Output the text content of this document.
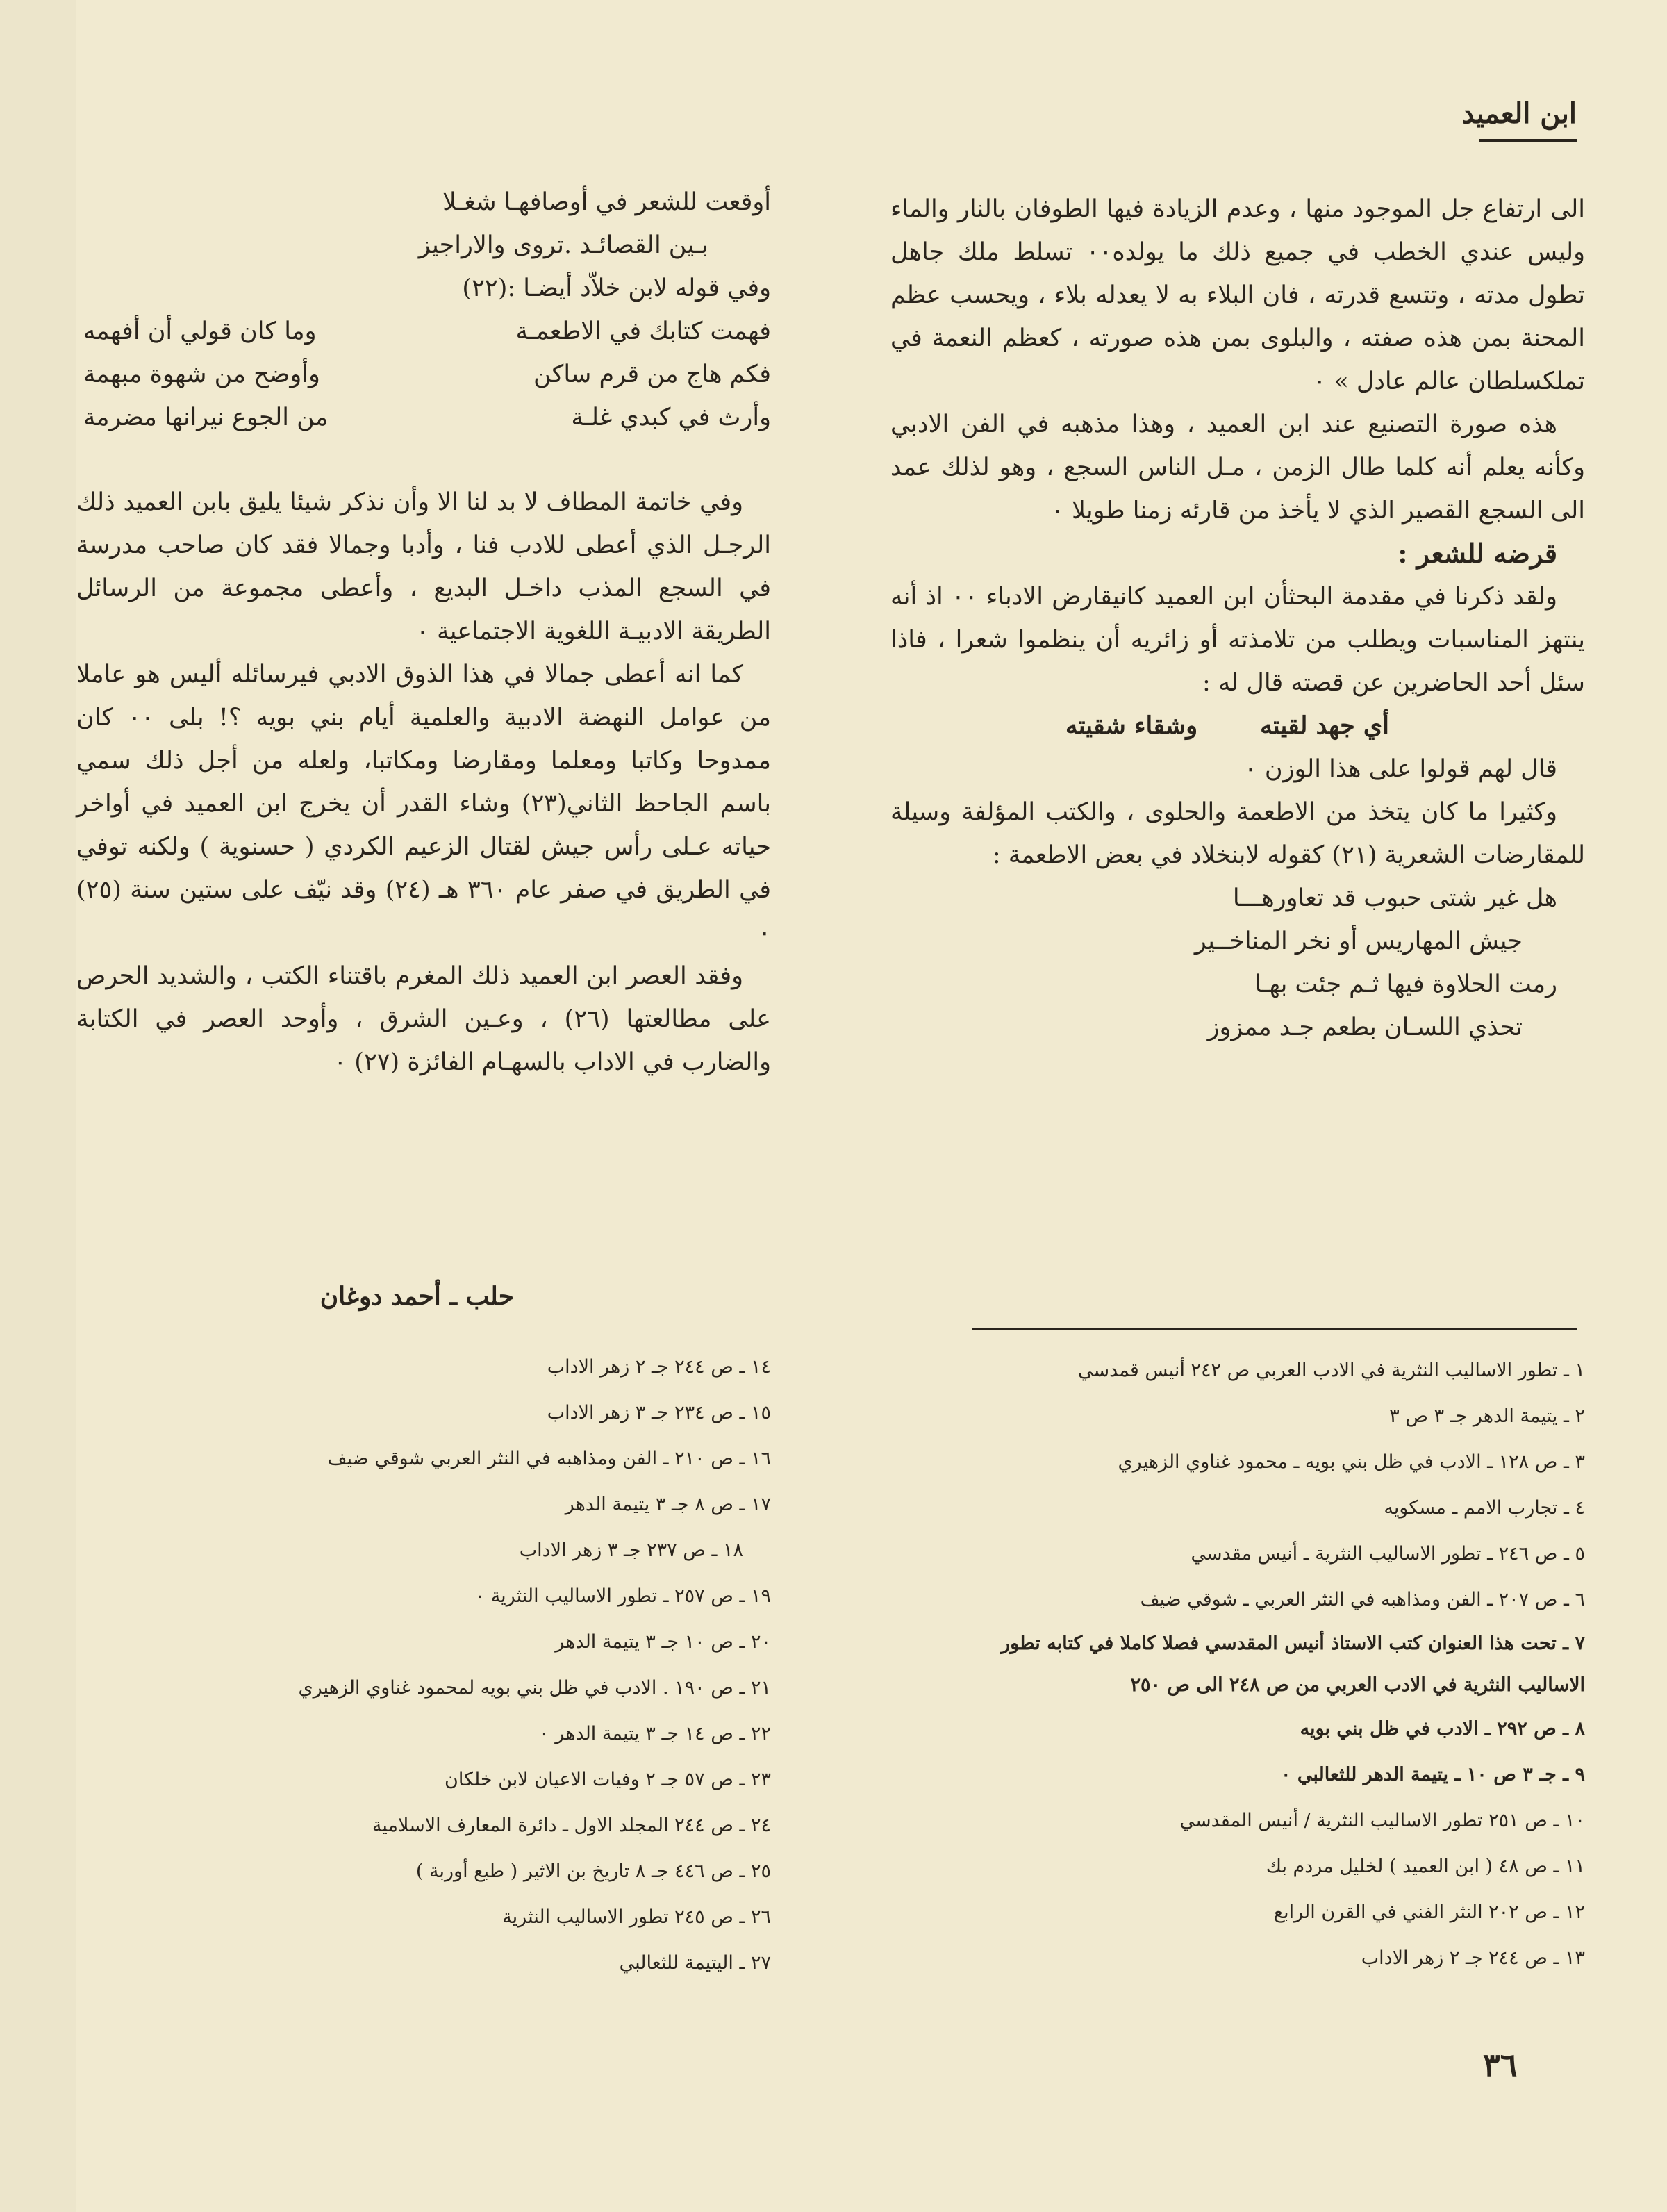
ابن العميد

الى ارتفاع جل الموجود منها ، وعدم الزيادة فيها الطوفان بالنار والماء وليس عندي الخطب في جميع ذلك ما يولده٠٠ تسلط ملك جاهل تطول مدته ، وتتسع قدرته ، فان البلاء به لا يعدله بلاء ، ويحسب عظم المحنة بمن هذه صفته ، والبلوى بمن هذه صورته ، كعظم النعمة في تملكسلطان عالم عادل » ٠

هذه صورة التصنيع عند ابن العميد ، وهذا مذهبه في الفن الادبي وكأنه يعلم أنه كلما طال الزمن ، مـل الناس السجع ، وهو لذلك عمد الى السجع القصير الذي لا يأخذ من قارئه زمنا طويلا ٠

قرضه للشعر :

ولقد ذكرنا في مقدمة البحثأن ابن العميد كانيقارض الادباء ٠٠ اذ أنه ينتهز المناسبات ويطلب من تلامذته أو زائريه أن ينظموا شعرا ، فاذا سئل أحد الحاضرين عن قصته قال له :

أي جهد لقيته
وشقاء شقيته

قال لهم قولوا على هذا الوزن ٠

وكثيرا ما كان يتخذ من الاطعمة والحلوى ، والكتب المؤلفة وسيلة للمقارضات الشعرية (٢١) كقوله لابنخلاد في بعض الاطعمة :

هل غير شتى حبوب قد تعاورهـــا
جيش المهاريس أو نخر المناخــير
رمت الحلاوة فيها ثـم جئت بهـا
تحذي اللسـان بطعم جـد ممزوز
أوقعت للشعر في أوصافهـا شغـلا
بـين القصائـد .تروى والاراجيز

وفي قوله لابن خلاّد أيضـا :(٢٢)

فهمت كتابك في الاطعمـة
وما كان قولي أن أفهمه
فكم هاج من قرم ساكن
وأوضح من شهوة مبهمة
وأرث في كبدي غلـة
من الجوع نيرانها مضرمة

وفي خاتمة المطاف لا بد لنا الا وأن نذكر شيئا يليق بابن العميد ذلك الرجـل الذي أعطى للادب فنا ، وأدبا وجمالا فقد كان صاحب مدرسة في السجع المذب داخـل البديع ، وأعطى مجموعة من الرسائل الطريقة الادبيـة اللغوية الاجتماعية ٠

كما انه أعطى جمالا في هذا الذوق الادبي فيرسائله أليس هو عاملا من عوامل النهضة الادبية والعلمية أيام بني بويه ؟! بلى ٠٠ كان ممدوحا وكاتبا ومعلما ومقارضا ومكاتبا، ولعله من أجل ذلك سمي باسم الجاحظ الثاني(٢٣) وشاء القدر أن يخرج ابن العميد في أواخر حياته عـلى رأس جيش لقتال الزعيم الكردي ( حسنوية ) ولكنه توفي في الطريق في صفر عام ٣٦٠ هـ (٢٤) وقد نيّف على ستين سنة (٢٥) ٠

وفقد العصر ابن العميد ذلك المغرم باقتناء الكتب ، والشديد الحرص على مطالعتها (٢٦) ، وعـين الشرق ، وأوحد العصر في الكتابة والضارب في الاداب بالسهـام الفائزة (٢٧) ٠

حلب ـ أحمد دوغان
١ ـ تطور الاساليب النثرية في الادب العربي ص ٢٤٢ أنيس قمدسي
٢ ـ يتيمة الدهر جـ ٣ ص ٣
٣ ـ ص ١٢٨ ـ الادب في ظل بني بويه ـ محمود غناوي الزهيري
٤ ـ تجارب الامم ـ مسكويه
٥ ـ ص ٢٤٦ ـ تطور الاساليب النثرية ـ أنيس مقدسي
٦ ـ ص ٢٠٧ ـ الفن ومذاهبه في النثر العربي ـ شوقي ضيف
٧ ـ تحت هذا العنوان كتب الاستاذ أنيس المقدسي فصلا كاملا في كتابه تطور الاساليب النثرية في الادب العربي من ص ٢٤٨ الى ص ٢٥٠
٨ ـ ص ٢٩٢ ـ الادب في ظل بني بويه
٩ ـ جـ ٣ ص ١٠ ـ يتيمة الدهر للثعالبي ٠
١٠ ـ ص ٢٥١ تطور الاساليب النثرية / أنيس المقدسي
١١ ـ ص ٤٨ ( ابن العميد ) لخليل مردم بك
١٢ ـ ص ٢٠٢ النثر الفني في القرن الرابع
١٣ ـ ص ٢٤٤ جـ ٢ زهر الاداب
١٤ ـ ص ٢٤٤ جـ ٢ زهر الاداب
١٥ ـ ص ٢٣٤ جـ ٣ زهر الاداب
١٦ ـ ص ٢١٠ ـ الفن ومذاهبه في النثر العربي شوقي ضيف
١٧ ـ ص ٨ جـ ٣ يتيمة الدهر
١٨ ـ ص ٢٣٧ جـ ٣ زهر الاداب
١٩ ـ ص ٢٥٧ ـ تطور الاساليب النثرية ٠
٢٠ ـ ص ١٠ جـ ٣ يتيمة الدهر
٢١ ـ ص ١٩٠ . الادب في ظل بني بويه لمحمود غناوي الزهيري
٢٢ ـ ص ١٤ جـ ٣ يتيمة الدهر ٠
٢٣ ـ ص ٥٧ جـ ٢ وفيات الاعيان لابن خلكان
٢٤ ـ ص ٢٤٤ المجلد الاول ـ دائرة المعارف الاسلامية
٢٥ ـ ص ٤٤٦ جـ ٨ تاريخ بن الاثير ( طبع أوربة )
٢٦ ـ ص ٢٤٥ تطور الاساليب النثرية
٢٧ ـ اليتيمة للثعالبي
٣٦
